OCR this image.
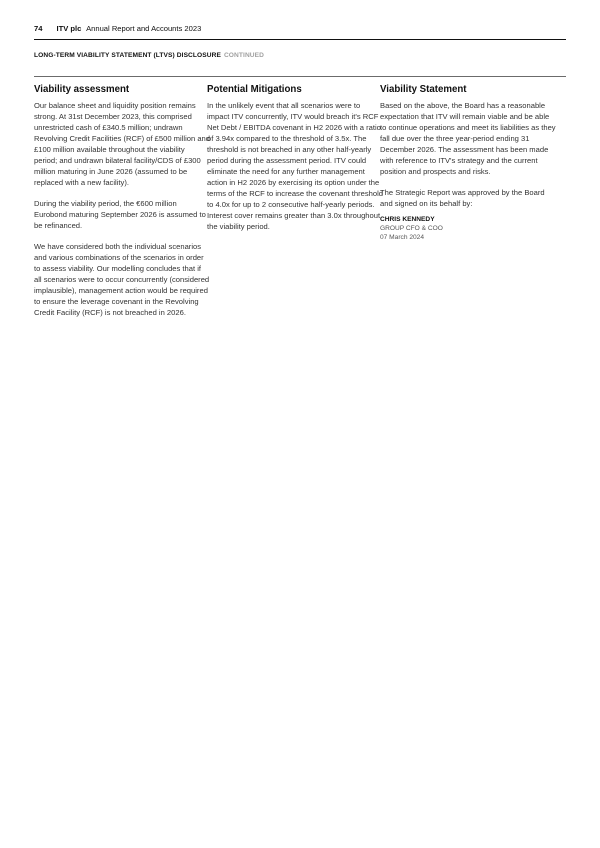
74 ITV plc Annual Report and Accounts 2023
LONG-TERM VIABILITY STATEMENT (LTVS) DISCLOSURE CONTINUED
Viability assessment

Our balance sheet and liquidity position remains strong. At 31st December 2023, this comprised unrestricted cash of £340.5 million; undrawn Revolving Credit Facilities (RCF) of £500 million and £100 million available throughout the viability period; and undrawn bilateral facility/CDS of £300 million maturing in June 2026 (assumed to be replaced with a new facility).

During the viability period, the €600 million Eurobond maturing September 2026 is assumed to be refinanced.

We have considered both the individual scenarios and various combinations of the scenarios in order to assess viability. Our modelling concludes that if all scenarios were to occur concurrently (considered implausible), management action would be required to ensure the leverage covenant in the Revolving Credit Facility (RCF) is not breached in 2026.

Potential Mitigations

In the unlikely event that all scenarios were to impact ITV concurrently, ITV would breach it's RCF Net Debt / EBITDA covenant in H2 2026 with a ratio of 3.94x compared to the threshold of 3.5x. The threshold is not breached in any other half-yearly period during the assessment period. ITV could eliminate the need for any further management action in H2 2026 by exercising its option under the terms of the RCF to increase the covenant threshold to 4.0x for up to 2 consecutive half-yearly periods. Interest cover remains greater than 3.0x throughout the viability period.

Viability Statement

Based on the above, the Board has a reasonable expectation that ITV will remain viable and be able to continue operations and meet its liabilities as they fall due over the three year-period ending 31 December 2026. The assessment has been made with reference to ITV's strategy and the current position and prospects and risks.

The Strategic Report was approved by the Board and signed on its behalf by:

CHRIS KENNEDY
GROUP CFO & COO
07 March 2024
